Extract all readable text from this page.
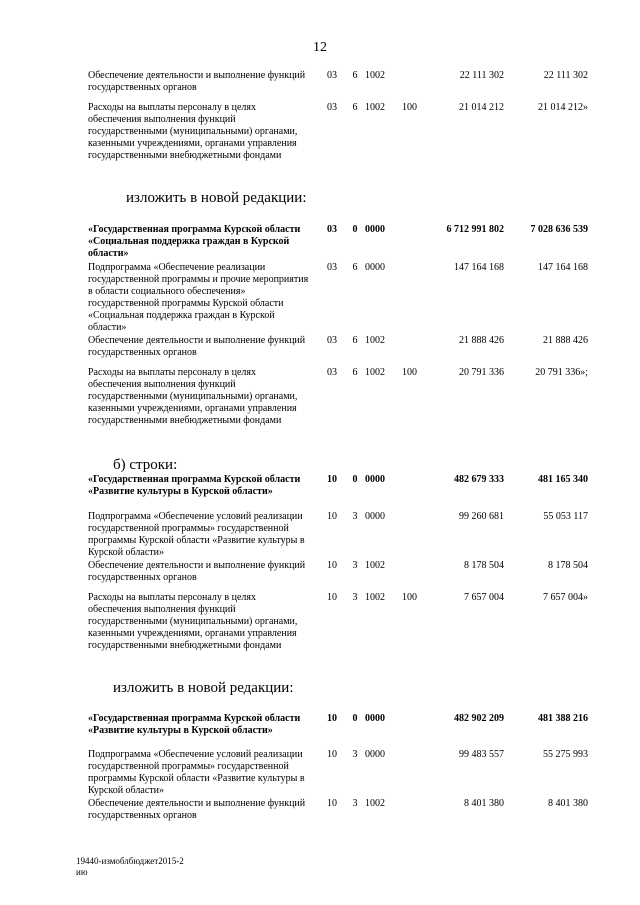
12
Обеспечение деятельности и выполнение функций государственных органов
03	6 1002	22 111 302	22 111 302
Расходы на выплаты персоналу в целях обеспечения выполнения функций государственными (муниципальными) органами, казенными учреждениями, органами управления государственными внебюджетными фондами
03	6 1002	100	21 014 212	21 014 212»
изложить в новой редакции:
«Государственная программа Курской области «Социальная поддержка граждан в Курской области»
03	0 0000	6 712 991 802	7 028 636 539
Подпрограмма «Обеспечение реализации государственной программы и прочие мероприятия в области социального обеспечения» государственной программы Курской области «Социальная поддержка граждан в Курской области»
03	6 0000	147 164 168	147 164 168
Обеспечение деятельности и выполнение функций государственных органов
03	6 1002	21 888 426	21 888 426
Расходы на выплаты персоналу в целях обеспечения выполнения функций государственными (муниципальными) органами, казенными учреждениями, органами управления государственными внебюджетными фондами
03	6 1002	100	20 791 336	20 791 336»;
б) строки:
«Государственная программа Курской области «Развитие культуры в Курской области»
10	0 0000	482 679 333	481 165 340
Подпрограмма «Обеспечение условий реализации государственной программы» государственной программы Курской области «Развитие культуры в Курской области»
10	3 0000	99 260 681	55 053 117
Обеспечение деятельности и выполнение функций государственных органов
10	3 1002	8 178 504	8 178 504
Расходы на выплаты персоналу в целях обеспечения выполнения функций государственными (муниципальными) органами, казенными учреждениями, органами управления государственными внебюджетными фондами
10	3 1002	100	7 657 004	7 657 004»
изложить в новой редакции:
«Государственная программа Курской области «Развитие культуры в Курской области»
10	0 0000	482 902 209	481 388 216
Подпрограмма «Обеспечение условий реализации государственной программы» государственной программы Курской области «Развитие культуры в Курской области»
10	3 0000	99 483 557	55 275 993
Обеспечение деятельности и выполнение функций государственных органов
10	3 1002	8 401 380	8 401 380
19440-измоблбюджет2015-2
ию
